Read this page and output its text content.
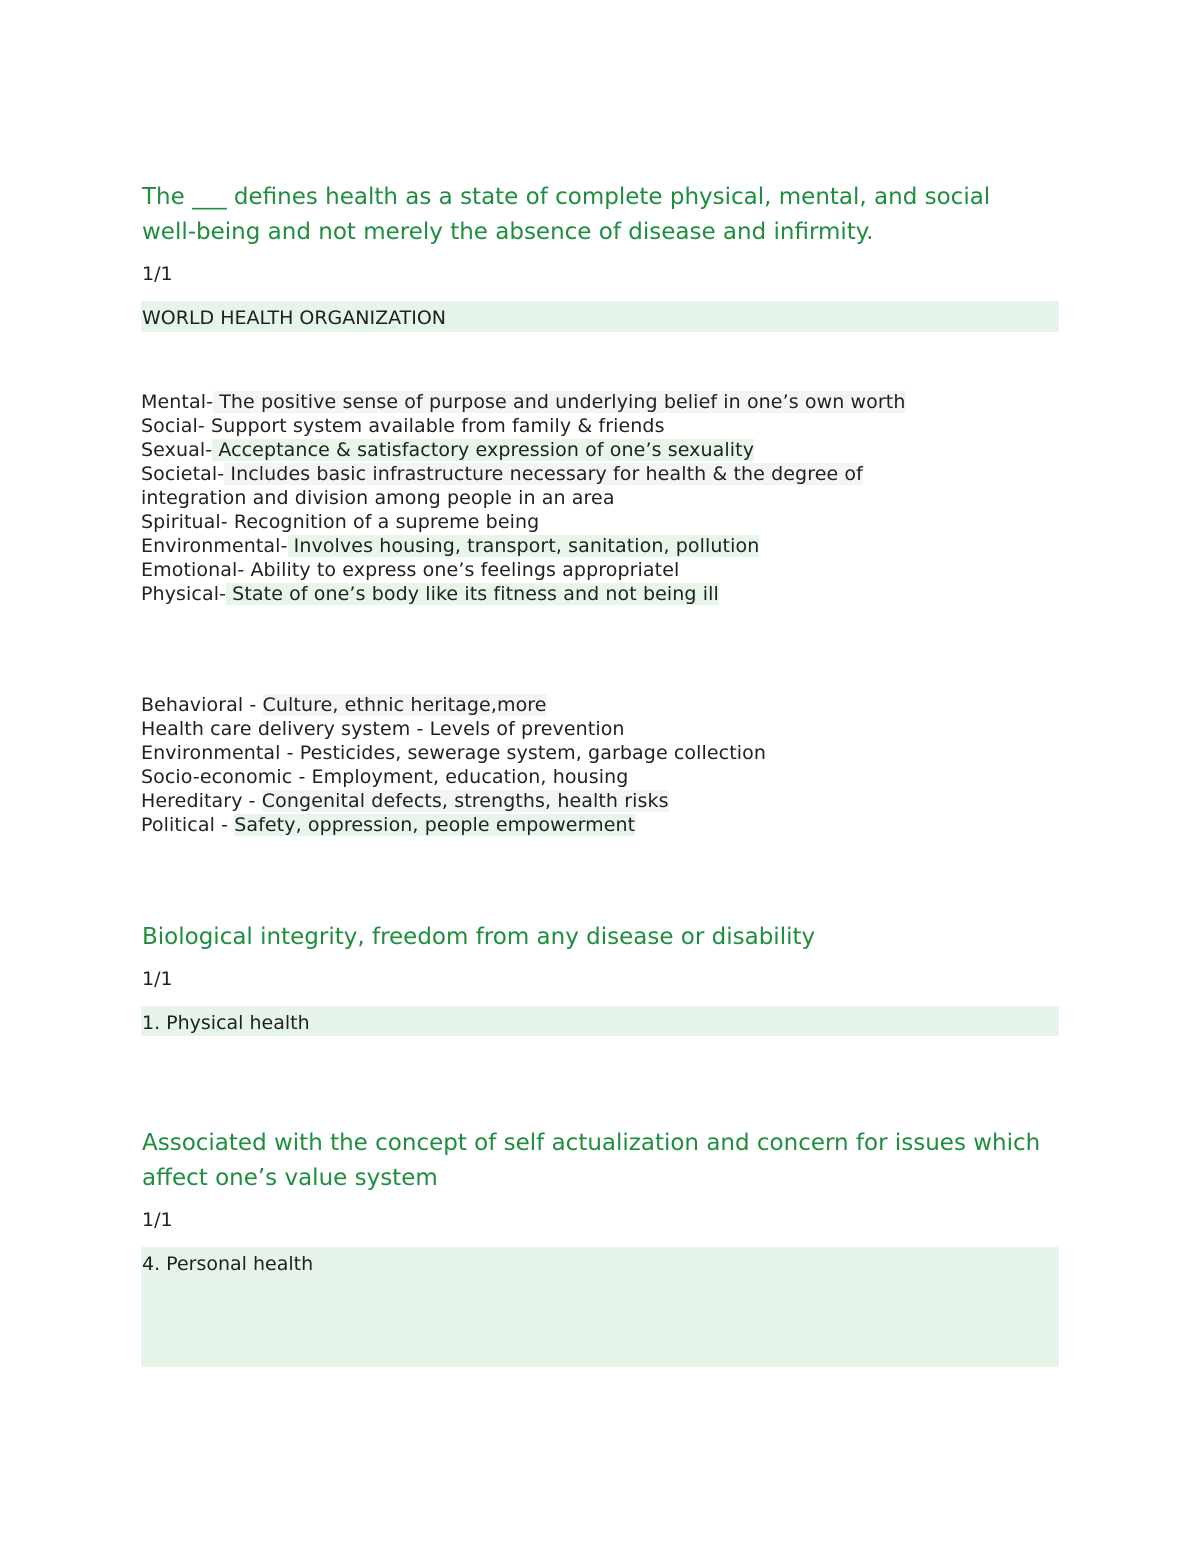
The ___ defines health as a state of complete physical, mental, and social well-being and not merely the absence of disease and infirmity.
1/1
WORLD HEALTH ORGANIZATION
Mental- The positive sense of purpose and underlying belief in one’s own worth
Social- Support system available from family & friends
Sexual- Acceptance & satisfactory expression of one’s sexuality
Societal- Includes basic infrastructure necessary for health & the degree of
integration and division among people in an area
Spiritual- Recognition of a supreme being
Environmental- Involves housing, transport, sanitation, pollution
Emotional- Ability to express one’s feelings appropriatel
Physical- State of one’s body like its fitness and not being ill
Behavioral - Culture, ethnic heritage,more
Health care delivery system - Levels of prevention
Environmental - Pesticides, sewerage system, garbage collection
Socio-economic - Employment, education, housing
Hereditary - Congenital defects, strengths, health risks
Political - Safety, oppression, people empowerment
Biological integrity, freedom from any disease or disability
1/1
1. Physical health
Associated with the concept of self actualization and concern for issues which affect one’s value system
1/1
4. Personal health
